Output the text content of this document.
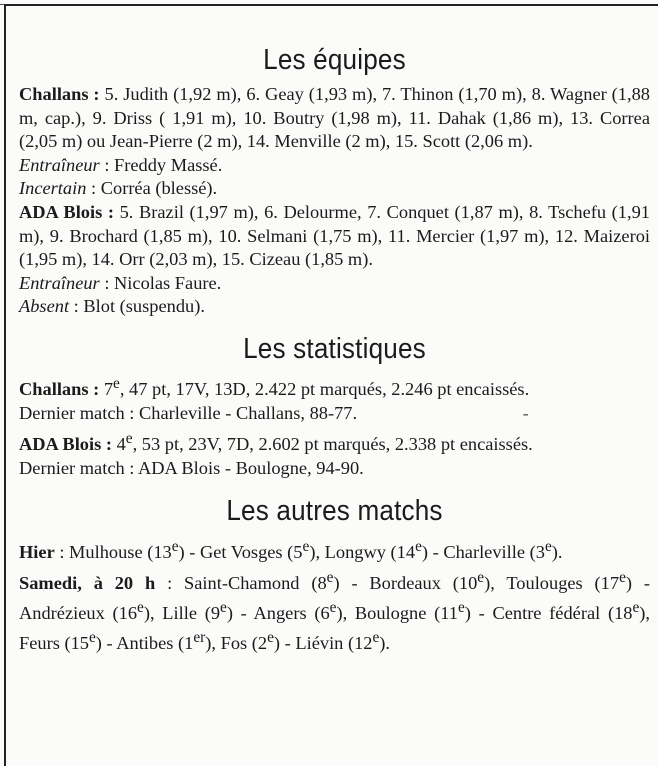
Les équipes

Challans : 5. Judith (1,92 m), 6. Geay (1,93 m), 7. Thinon (1,70 m), 8. Wagner (1,88 m, cap.), 9. Driss ( 1,91 m), 10. Boutry (1,98 m), 11. Dahak (1,86 m), 13. Correa (2,05 m) ou Jean-Pierre (2 m), 14. Menville (2 m), 15. Scott (2,06 m).

Entraîneur : Freddy Massé.

Incertain : Corréa (blessé).

ADA Blois : 5. Brazil (1,97 m), 6. Delourme, 7. Conquet (1,87 m), 8. Tschefu (1,91 m), 9. Brochard (1,85 m), 10. Selmani (1,75 m), 11. Mercier (1,97 m), 12. Maizeroi (1,95 m), 14. Orr (2,03 m), 15. Cizeau (1,85 m).

Entraîneur : Nicolas Faure.

Absent : Blot (suspendu).

Les statistiques

Challans : 7e, 47 pt, 17V, 13D, 2.422 pt marqués, 2.246 pt encaissés.

Dernier match : Charleville - Challans, 88-77.         	-

ADA Blois : 4e, 53 pt, 23V, 7D, 2.602 pt marqués, 2.338 pt encaissés.

Dernier match : ADA Blois - Boulogne, 94-90.

Les autres matchs

Hier : Mulhouse (13e) - Get Vosges (5e), Longwy (14e) - Charleville (3e).

Samedi, à 20 h : Saint-Chamond (8e) - Bordeaux (10e), Toulouges (17e) - Andrézieux (16e), Lille (9e) - Angers (6e), Boulogne (11e) - Centre fédéral (18e), Feurs (15e) - Antibes (1er), Fos (2e) - Liévin (12e).
